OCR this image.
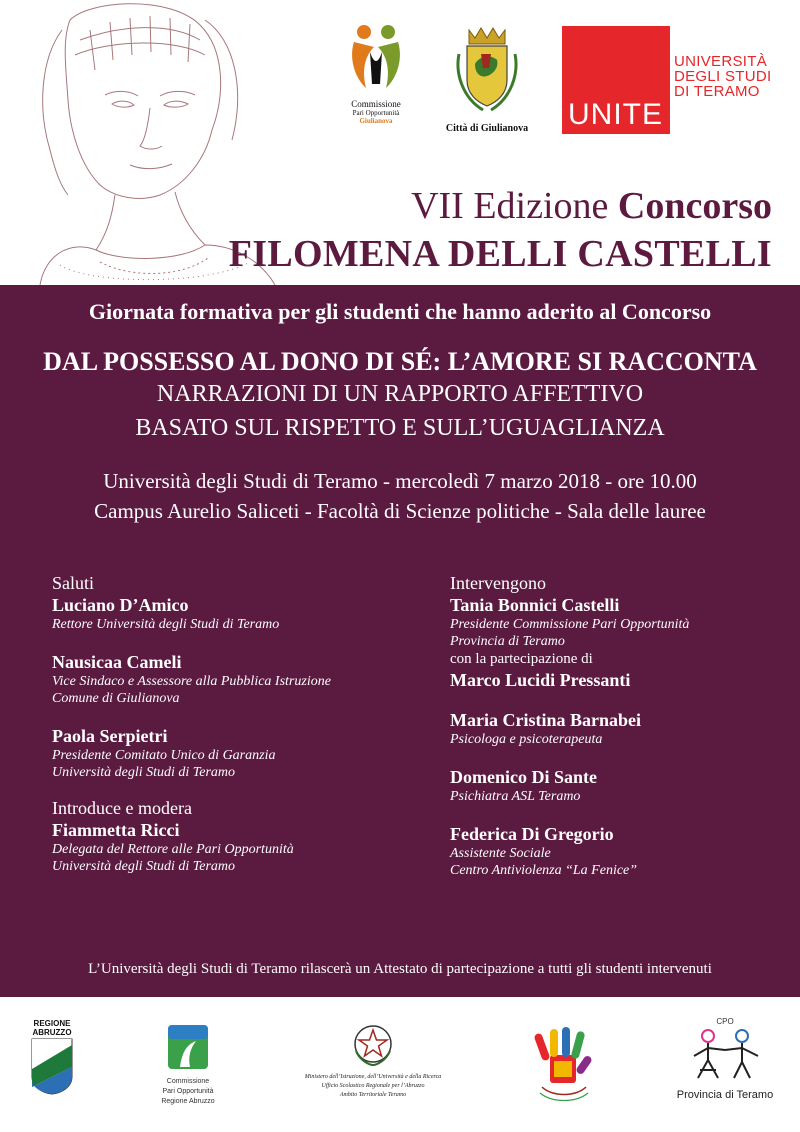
Commissione
Pari Opportunità
Giulianova
Città di Giulianova	UNITE
UNIVERSITÀ
DEGLI STUDI
DI TERAMO
VII Edizione Concorso
FILOMENA DELLI CASTELLI
Giornata formativa per gli studenti che hanno aderito al Concorso
DAL POSSESSO AL DONO DI SÉ: L’AMORE SI RACCONTA
NARRAZIONI DI UN RAPPORTO AFFETTIVO
BASATO SUL RISPETTO E SULL’UGUAGLIANZA
Università degli Studi di Teramo - mercoledì 7 marzo 2018 - ore 10.00
Campus Aurelio Saliceti - Facoltà di Scienze politiche - Sala delle lauree
Saluti
Luciano D’Amico
Rettore Università degli Studi di Teramo
Nausicaa Cameli
Vice Sindaco e Assessore alla Pubblica Istruzione
Comune di Giulianova
Paola Serpietri
Presidente Comitato Unico di Garanzia
Università degli Studi di Teramo
Introduce e modera
Fiammetta Ricci
Delegata del Rettore alle Pari Opportunità
Università degli Studi di Teramo
Intervengono
Tania Bonnici Castelli
Presidente Commissione Pari Opportunità
Provincia di Teramo
con la partecipazione di
Marco Lucidi Pressanti
Maria Cristina Barnabei
Psicologa e psicoterapeuta
Domenico Di Sante
Psichiatra ASL Teramo
Federica Di Gregorio
Assistente Sociale
Centro Antiviolenza “La Fenice”
L’Università degli Studi di Teramo rilascerà un Attestato di partecipazione a tutti gli studenti intervenuti
REGIONE
ABRUZZO
Commissione
Pari Opportunità
Regione Abruzzo
Ministero dell’Istruzione, dell’Università e della Ricerca
Ufficio Scolastico Regionale per l’Abruzzo
Ambito Territoriale Teramo
CPO
Provincia di Teramo
